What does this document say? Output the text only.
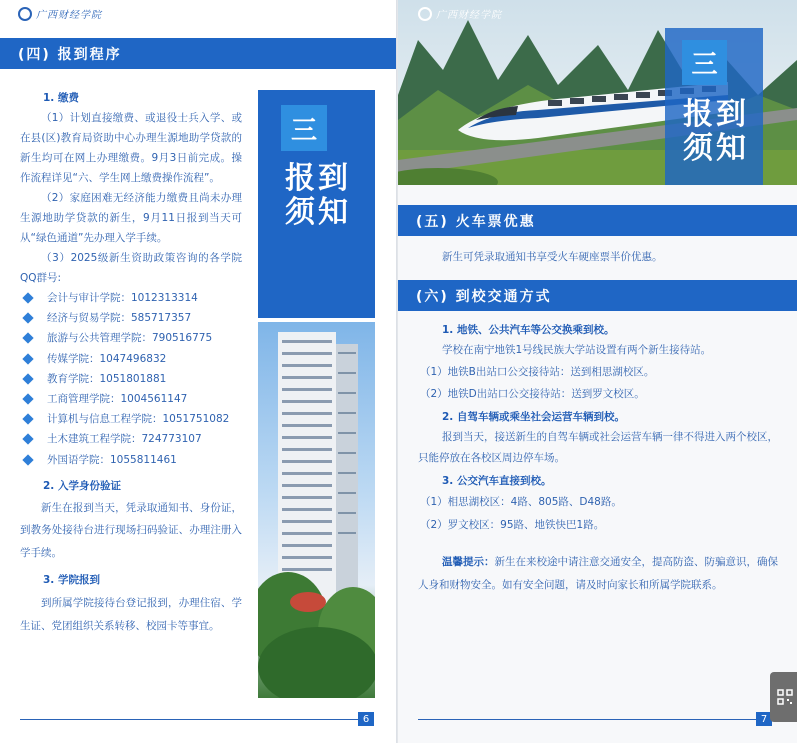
广西财经学院
(四) 报到程序
1. 缴费
（1）计划直接缴费、或退役士兵入学、或在县(区)教育局资助中心办理生源地助学贷款的新生均可在网上办理缴费。9月3日前完成。操作流程详见“六、学生网上缴费操作流程”。
（2）家庭困难无经济能力缴费且尚未办理生源地助学贷款的新生，9月11日报到当天可从“绿色通道”先办理入学手续。
（3）2025级新生资助政策咨询的各学院QQ群号:
会计与审计学院：1012313314
经济与贸易学院：585717357
旅游与公共管理学院：790516775
传媒学院：1047496832
教育学院：1051801881
工商管理学院：1004561147
计算机与信息工程学院：1051751082
土木建筑工程学院：724773107
外国语学院：1055811461
2. 入学身份验证
新生在报到当天，凭录取通知书、身份证，到教务处接待台进行现场扫码验证、办理注册入学手续。
3. 学院报到
到所属学院接待台登记报到，办理住宿、学生证、党团组织关系转移、校园卡等事宜。
三
报到
须知
6
广西财经学院
三
报到
须知
(五) 火车票优惠
新生可凭录取通知书享受火车硬座票半价优惠。
(六) 到校交通方式
1. 地铁、公共汽车等公交换乘到校。
学校在南宁地铁1号线民族大学站设置有两个新生接待站。
（1）地铁B出站口公交接待站：送到相思湖校区。
（2）地铁D出站口公交接待站：送到罗文校区。
2. 自驾车辆或乘坐社会运营车辆到校。
报到当天，接送新生的自驾车辆或社会运营车辆一律不得进入两个校区，只能停放在各校区周边停车场。
3. 公交汽车直接到校。
（1）相思湖校区：4路、805路、D48路。
（2）罗文校区：95路、地铁快巴1路。
温馨提示：新生在来校途中请注意交通安全，提高防盗、防骗意识，确保人身和财物安全。如有安全问题，请及时向家长和所属学院联系。
7
